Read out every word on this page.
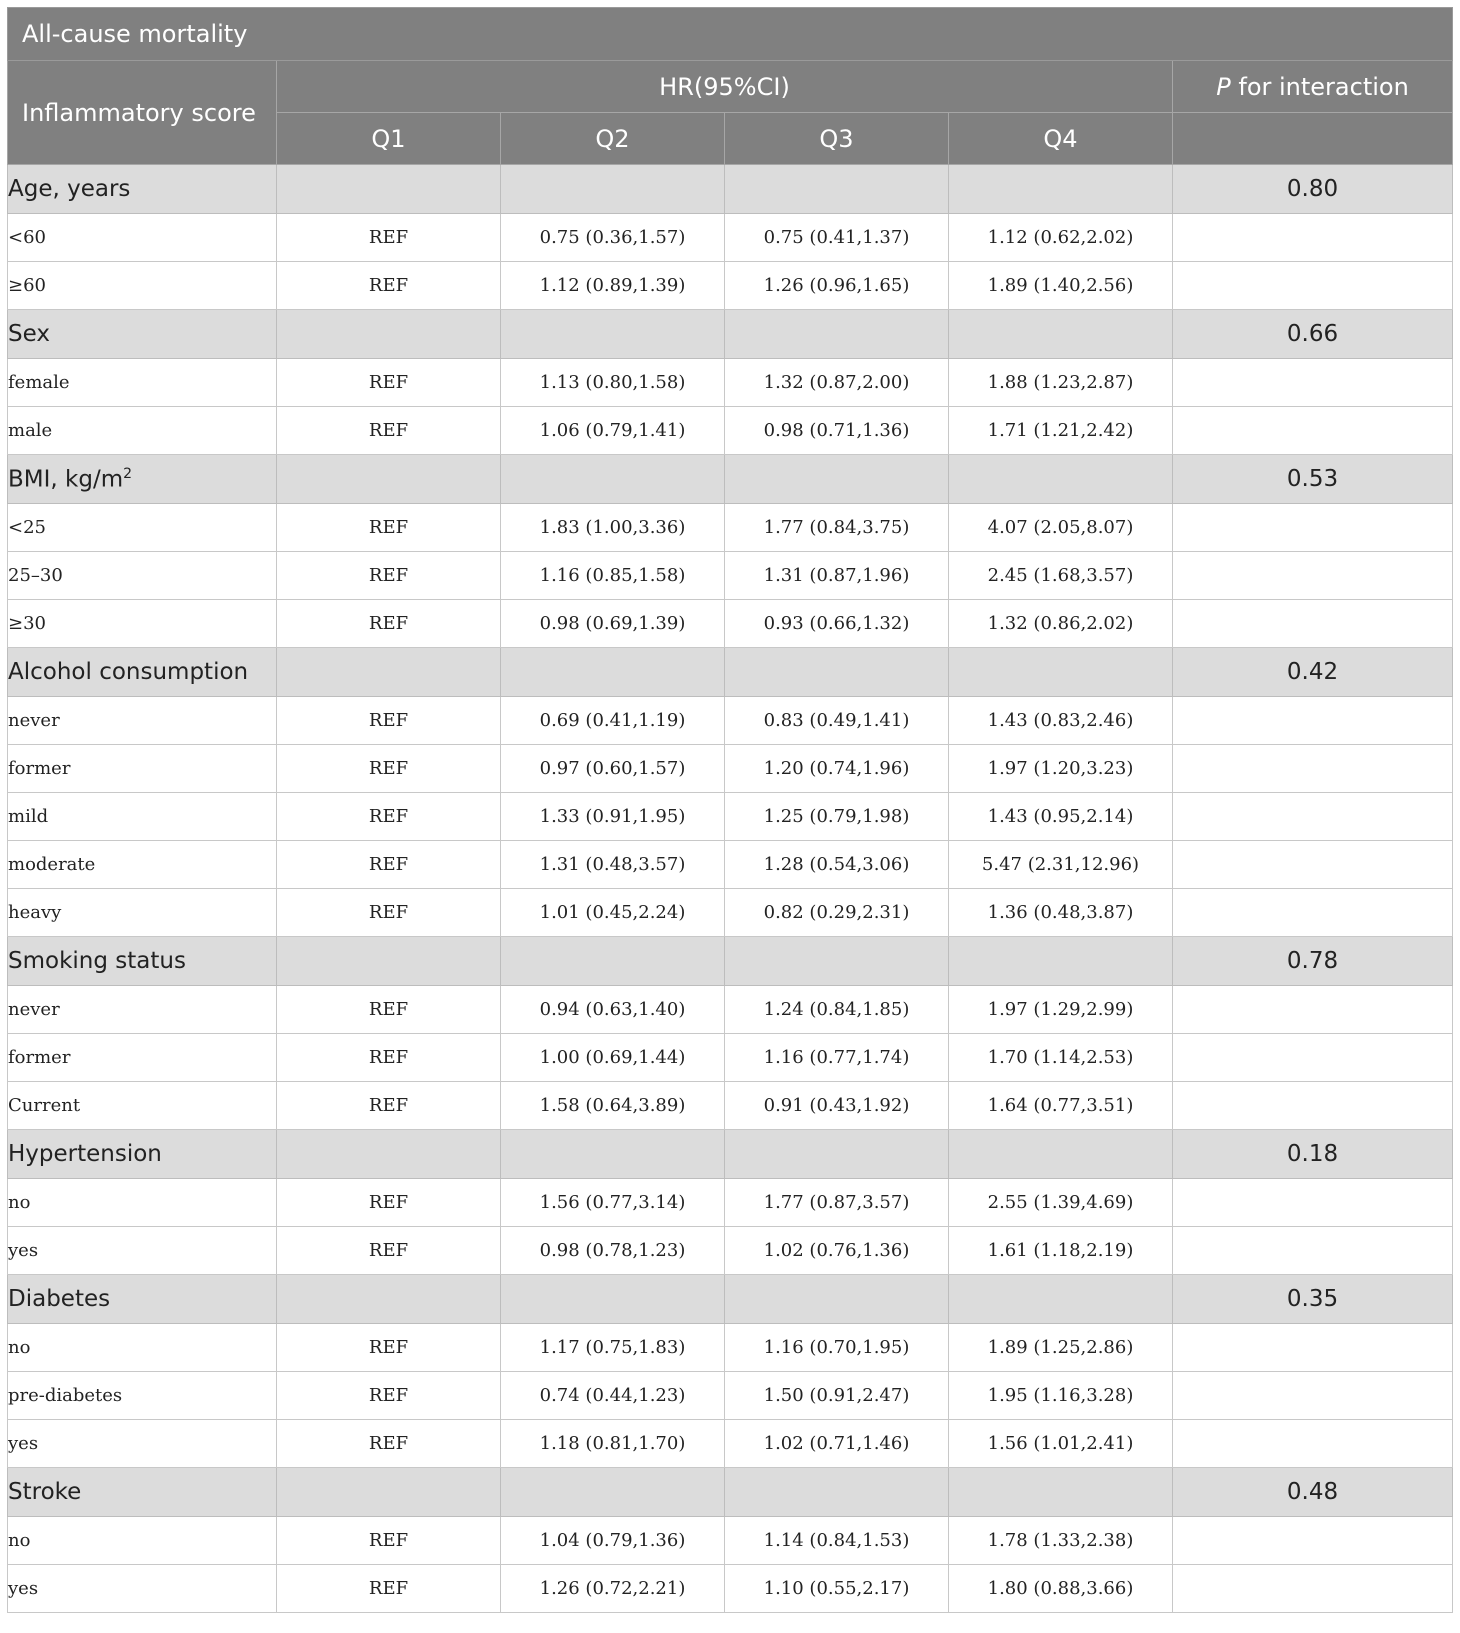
All-cause mortality					
Inflammatory score	HR(95%CI)				P for interaction
	Q1	Q2	Q3	Q4	
Age, years					0.80
<60	REF	0.75 (0.36,1.57)	0.75 (0.41,1.37)	1.12 (0.62,2.02)	
≥60	REF	1.12 (0.89,1.39)	1.26 (0.96,1.65)	1.89 (1.40,2.56)	
Sex					0.66
female	REF	1.13 (0.80,1.58)	1.32 (0.87,2.00)	1.88 (1.23,2.87)	
male	REF	1.06 (0.79,1.41)	0.98 (0.71,1.36)	1.71 (1.21,2.42)	
BMI, $kg/m^2$					0.53
<25	REF	1.83 (1.00,3.36)	1.77 (0.84,3.75)	4.07 (2.05,8.07)	
25–30	REF	1.16 (0.85,1.58)	1.31 (0.87,1.96)	2.45 (1.68,3.57)	
≥30	REF	0.98 (0.69,1.39)	0.93 (0.66,1.32)	1.32 (0.86,2.02)	
Alcohol consumption					0.42
never	REF	0.69 (0.41,1.19)	0.83 (0.49,1.41)	1.43 (0.83,2.46)	
former	REF	0.97 (0.60,1.57)	1.20 (0.74,1.96)	1.97 (1.20,3.23)	
mild	REF	1.33 (0.91,1.95)	1.25 (0.79,1.98)	1.43 (0.95,2.14)	
moderate	REF	1.31 (0.48,3.57)	1.28 (0.54,3.06)	5.47 (2.31,12.96)	
heavy	REF	1.01 (0.45,2.24)	0.82 (0.29,2.31)	1.36 (0.48,3.87)	
Smoking status					0.78
never	REF	0.94 (0.63,1.40)	1.24 (0.84,1.85)	1.97 (1.29,2.99)	
former	REF	1.00 (0.69,1.44)	1.16 (0.77,1.74)	1.70 (1.14,2.53)	
Current	REF	1.58 (0.64,3.89)	0.91 (0.43,1.92)	1.64 (0.77,3.51)	
Hypertension					0.18
no	REF	1.56 (0.77,3.14)	1.77 (0.87,3.57)	2.55 (1.39,4.69)	
yes	REF	0.98 (0.78,1.23)	1.02 (0.76,1.36)	1.61 (1.18,2.19)	
Diabetes					0.35
no	REF	1.17 (0.75,1.83)	1.16 (0.70,1.95)	1.89 (1.25,2.86)	
pre-diabetes	REF	0.74 (0.44,1.23)	1.50 (0.91,2.47)	1.95 (1.16,3.28)	
yes	REF	1.18 (0.81,1.70)	1.02 (0.71,1.46)	1.56 (1.01,2.41)	
Stroke					0.48
no	REF	1.04 (0.79,1.36)	1.14 (0.84,1.53)	1.78 (1.33,2.38)	
yes	REF	1.26 (0.72,2.21)	1.10 (0.55,2.17)	1.80 (0.88,3.66)	
